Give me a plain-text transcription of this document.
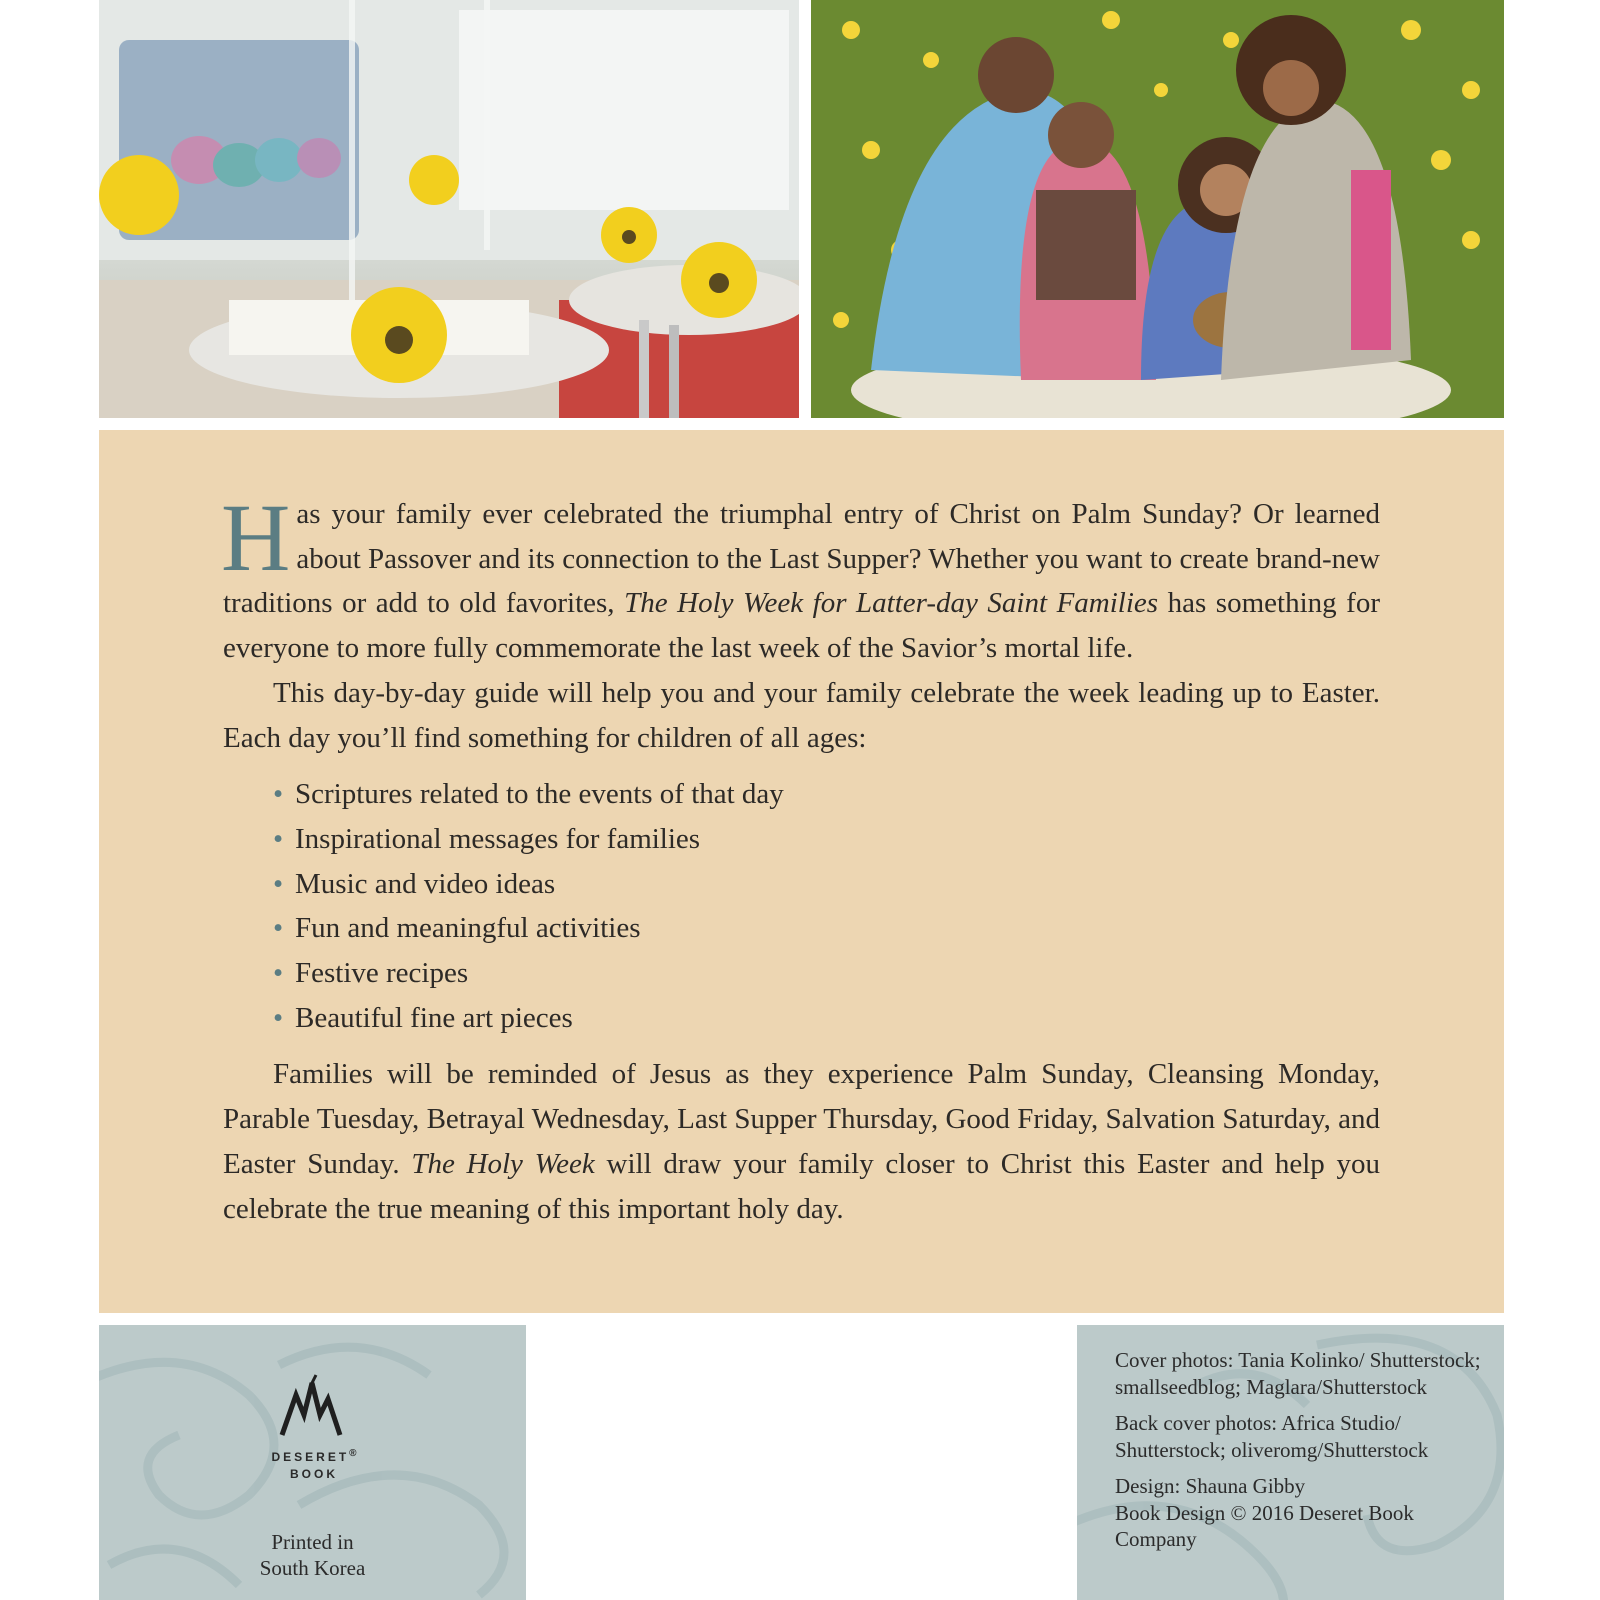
Has your family ever celebrated the triumphal entry of Christ on Palm Sunday? Or learned about Passover and its connection to the Last Supper? Whether you want to create brand-new traditions or add to old favorites, The Holy Week for Latter-day Saint Families has something for everyone to more fully commemorate the last week of the Savior’s mortal life.

This day-by-day guide will help you and your family celebrate the week leading up to Easter. Each day you’ll find something for children of all ages:

• Scriptures related to the events of that day
• Inspirational messages for families
• Music and video ideas
• Fun and meaningful activities
• Festive recipes
• Beautiful fine art pieces

Families will be reminded of Jesus as they experience Palm Sunday, Cleansing Monday, Parable Tuesday, Betrayal Wednesday, Last Supper Thursday, Good Friday, Salvation Saturday, and Easter Sunday. The Holy Week will draw your family closer to Christ this Easter and help you celebrate the true meaning of this important holy day.

DESERET®
BOOK
Printed in
South Korea

Cover photos: Tania Kolinko/ Shutterstock; smallseedblog; Maglara/Shutterstock

Back cover photos: Africa Studio/ Shutterstock; oliveromg/Shutterstock

Design: Shauna Gibby
Book Design © 2016 Deseret Book Company
